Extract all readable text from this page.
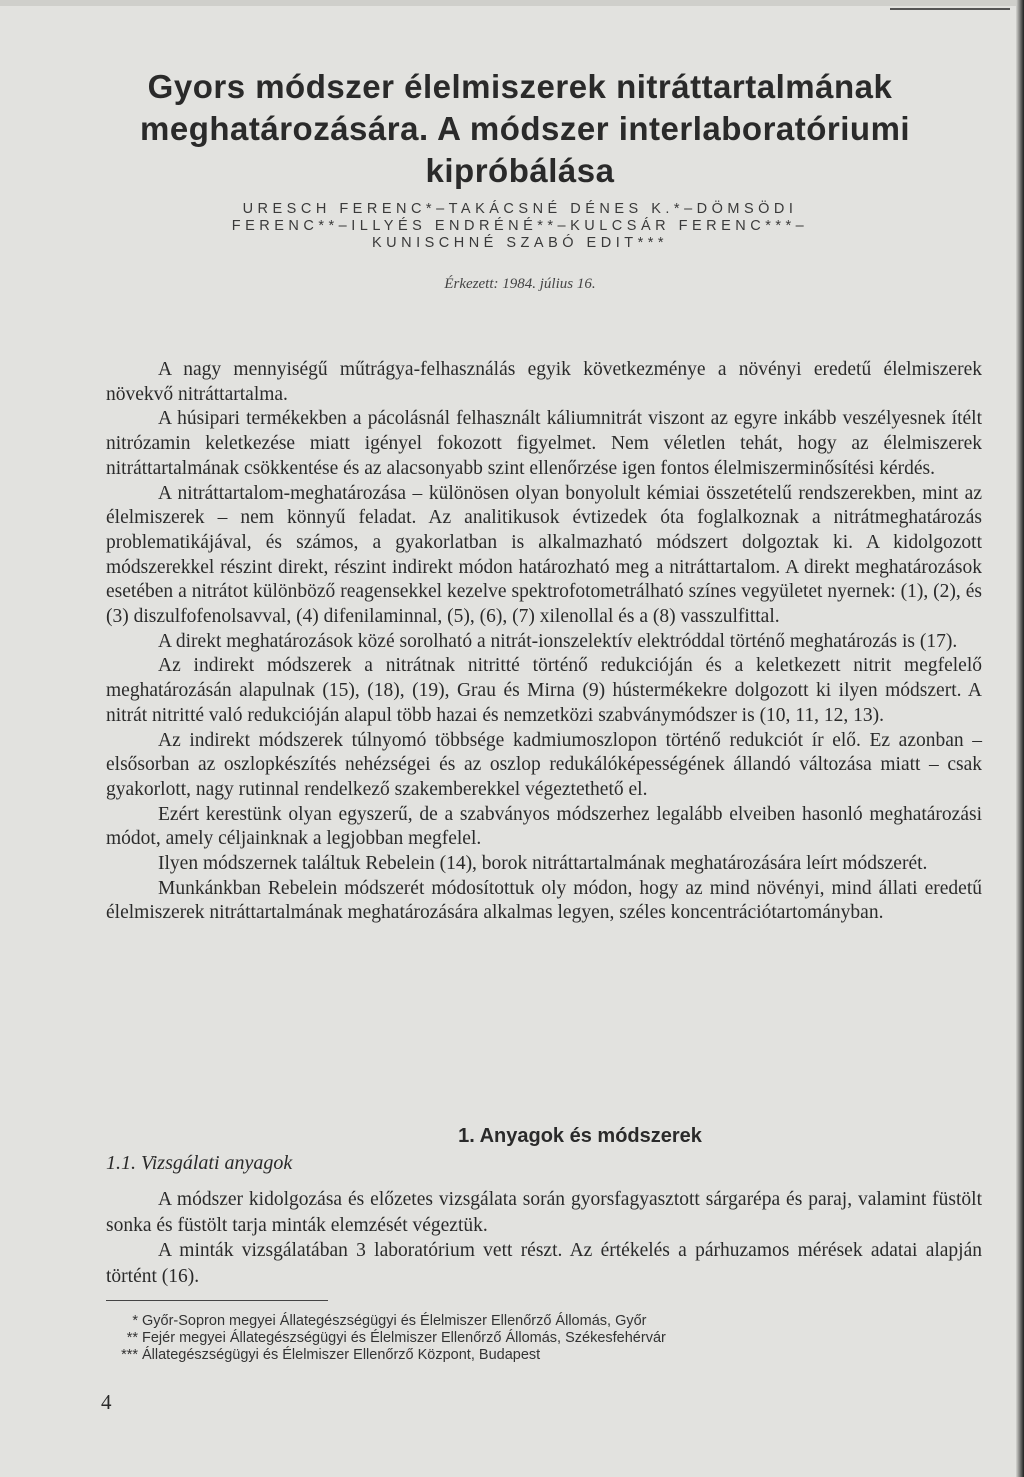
Gyors módszer élelmiszerek nitráttartalmának
meghatározására. A módszer interlaboratóriumi
kipróbálása
URESCH FERENC*–TAKÁCSNÉ DÉNES K.*–DÖMSÖDI
FERENC**–ILLYÉS ENDRÉNÉ**–KULCSÁR FERENC***–
KUNISCHNÉ SZABÓ EDIT***
Érkezett: 1984. július 16.

A nagy mennyiségű műtrágya-felhasználás egyik következménye a növényi eredetű élelmiszerek növekvő nitráttartalma.

A húsipari termékekben a pácolásnál felhasznált káliumnitrát viszont az egyre inkább veszélyesnek ítélt nitrózamin keletkezése miatt igényel fokozott figyelmet. Nem véletlen tehát, hogy az élelmiszerek nitráttartalmának csökkentése és az alacsonyabb szint ellenőrzése igen fontos élelmiszerminősítési kérdés.

A nitráttartalom-meghatározása – különösen olyan bonyolult kémiai összetételű rendszerekben, mint az élelmiszerek – nem könnyű feladat. Az analitikusok évtizedek óta foglalkoznak a nitrátmeghatározás problematikájával, és számos, a gyakorlatban is alkalmazható módszert dolgoztak ki. A kidolgozott módszerekkel részint direkt, részint indirekt módon határozható meg a nitráttartalom. A direkt meghatározások esetében a nitrátot különböző reagensekkel kezelve spektrofotometrálható színes vegyületet nyernek: (1), (2), és (3) diszulfofenolsavval, (4) difenilaminnal, (5), (6), (7) xilenollal és a (8) vasszulfittal.

A direkt meghatározások közé sorolható a nitrát-ionszelektív elektróddal történő meghatározás is (17).

Az indirekt módszerek a nitrátnak nitritté történő redukcióján és a keletkezett nitrit megfelelő meghatározásán alapulnak (15), (18), (19), Grau és Mirna (9) hústermékekre dolgozott ki ilyen módszert. A nitrát nitritté való redukcióján alapul több hazai és nemzetközi szabványmódszer is (10, 11, 12, 13).

Az indirekt módszerek túlnyomó többsége kadmiumoszlopon történő redukciót ír elő. Ez azonban – elsősorban az oszlopkészítés nehézségei és az oszlop redukálóképességének állandó változása miatt – csak gyakorlott, nagy rutinnal rendelkező szakemberekkel végeztethető el.

Ezért kerestünk olyan egyszerű, de a szabványos módszerhez legalább elveiben hasonló meghatározási módot, amely céljainknak a legjobban megfelel.

Ilyen módszernek találtuk Rebelein (14), borok nitráttartalmának meghatározására leírt módszerét.

Munkánkban Rebelein módszerét módosítottuk oly módon, hogy az mind növényi, mind állati eredetű élelmiszerek nitráttartalmának meghatározására alkalmas legyen, széles koncentrációtartományban.

1. Anyagok és módszerek
1.1. Vizsgálati anyagok

A módszer kidolgozása és előzetes vizsgálata során gyorsfagyasztott sárgarépa és paraj, valamint füstölt sonka és füstölt tarja minták elemzését végeztük.

A minták vizsgálatában 3 laboratórium vett részt. Az értékelés a párhuzamos mérések adatai alapján történt (16).

* Győr-Sopron megyei Állategészségügyi és Élelmiszer Ellenőrző Állomás, Győr
** Fejér megyei Állategészségügyi és Élelmiszer Ellenőrző Állomás, Székesfehérvár
*** Állategészségügyi és Élelmiszer Ellenőrző Központ, Budapest
4
